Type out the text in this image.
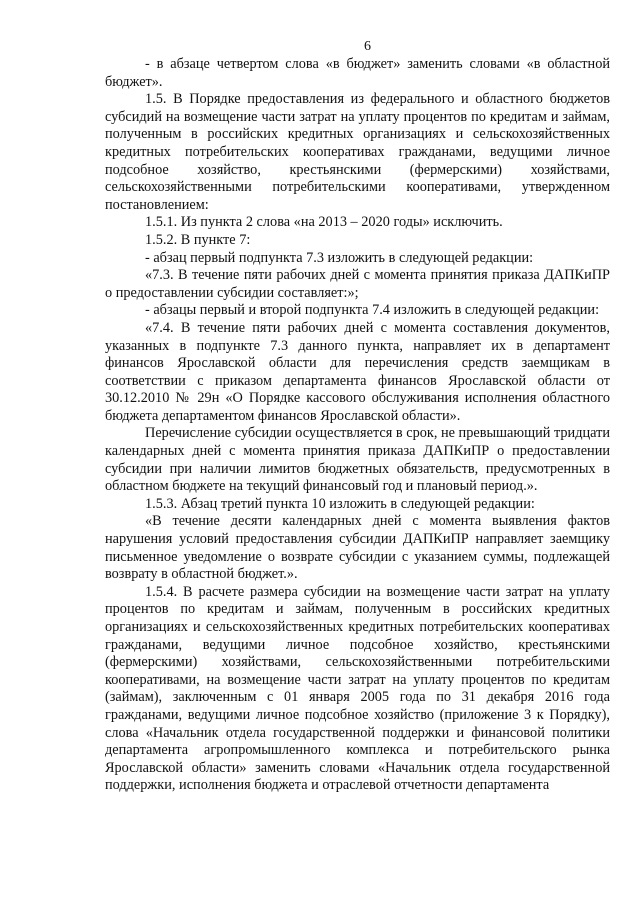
6

- в абзаце четвертом слова «в бюджет» заменить словами «в областной бюджет».

1.5. В Порядке предоставления из федерального и областного бюджетов субсидий на возмещение части затрат на уплату процентов по кредитам и займам, полученным в российских кредитных организациях и сельскохозяйственных кредитных потребительских кооперативах гражданами, ведущими личное подсобное хозяйство, крестьянскими (фермерскими) хозяйствами, сельскохозяйственными потребительскими кооперативами, утвержденном постановлением:

1.5.1. Из пункта 2 слова «на 2013 – 2020 годы» исключить.

1.5.2. В пункте 7:

- абзац первый подпункта 7.3 изложить в следующей редакции:

«7.3. В течение пяти рабочих дней с момента принятия приказа ДАПКиПР о предоставлении субсидии составляет:»;

- абзацы первый и второй подпункта 7.4 изложить в следующей редакции:

«7.4. В течение пяти рабочих дней с момента составления документов, указанных в подпункте 7.3 данного пункта, направляет их в департамент финансов Ярославской области для перечисления средств заемщикам в соответствии с приказом департамента финансов Ярославской области от 30.12.2010 № 29н «О Порядке кассового обслуживания исполнения областного бюджета департаментом финансов Ярославской области».

Перечисление субсидии осуществляется в срок, не превышающий тридцати календарных дней с момента принятия приказа ДАПКиПР о предоставлении субсидии при наличии лимитов бюджетных обязательств, предусмотренных в областном бюджете на текущий финансовый год и плановый период.».

1.5.3. Абзац третий пункта 10 изложить в следующей редакции:

«В течение десяти календарных дней с момента выявления фактов нарушения условий предоставления субсидии ДАПКиПР направляет заемщику письменное уведомление о возврате субсидии с указанием суммы, подлежащей возврату в областной бюджет.».

1.5.4. В расчете размера субсидии на возмещение части затрат на уплату процентов по кредитам и займам, полученным в российских кредитных организациях и сельскохозяйственных кредитных потребительских кооперативах гражданами, ведущими личное подсобное хозяйство, крестьянскими (фермерскими) хозяйствами, сельскохозяйственными потребительскими кооперативами, на возмещение части затрат на уплату процентов по кредитам (займам), заключенным с 01 января 2005 года по 31 декабря 2016 года гражданами, ведущими личное подсобное хозяйство (приложение 3 к Порядку), слова «Начальник отдела государственной поддержки и финансовой политики департамента агропромышленного комплекса и потребительского рынка Ярославской области» заменить словами «Начальник отдела государственной поддержки, исполнения бюджета и отраслевой отчетности департамента
